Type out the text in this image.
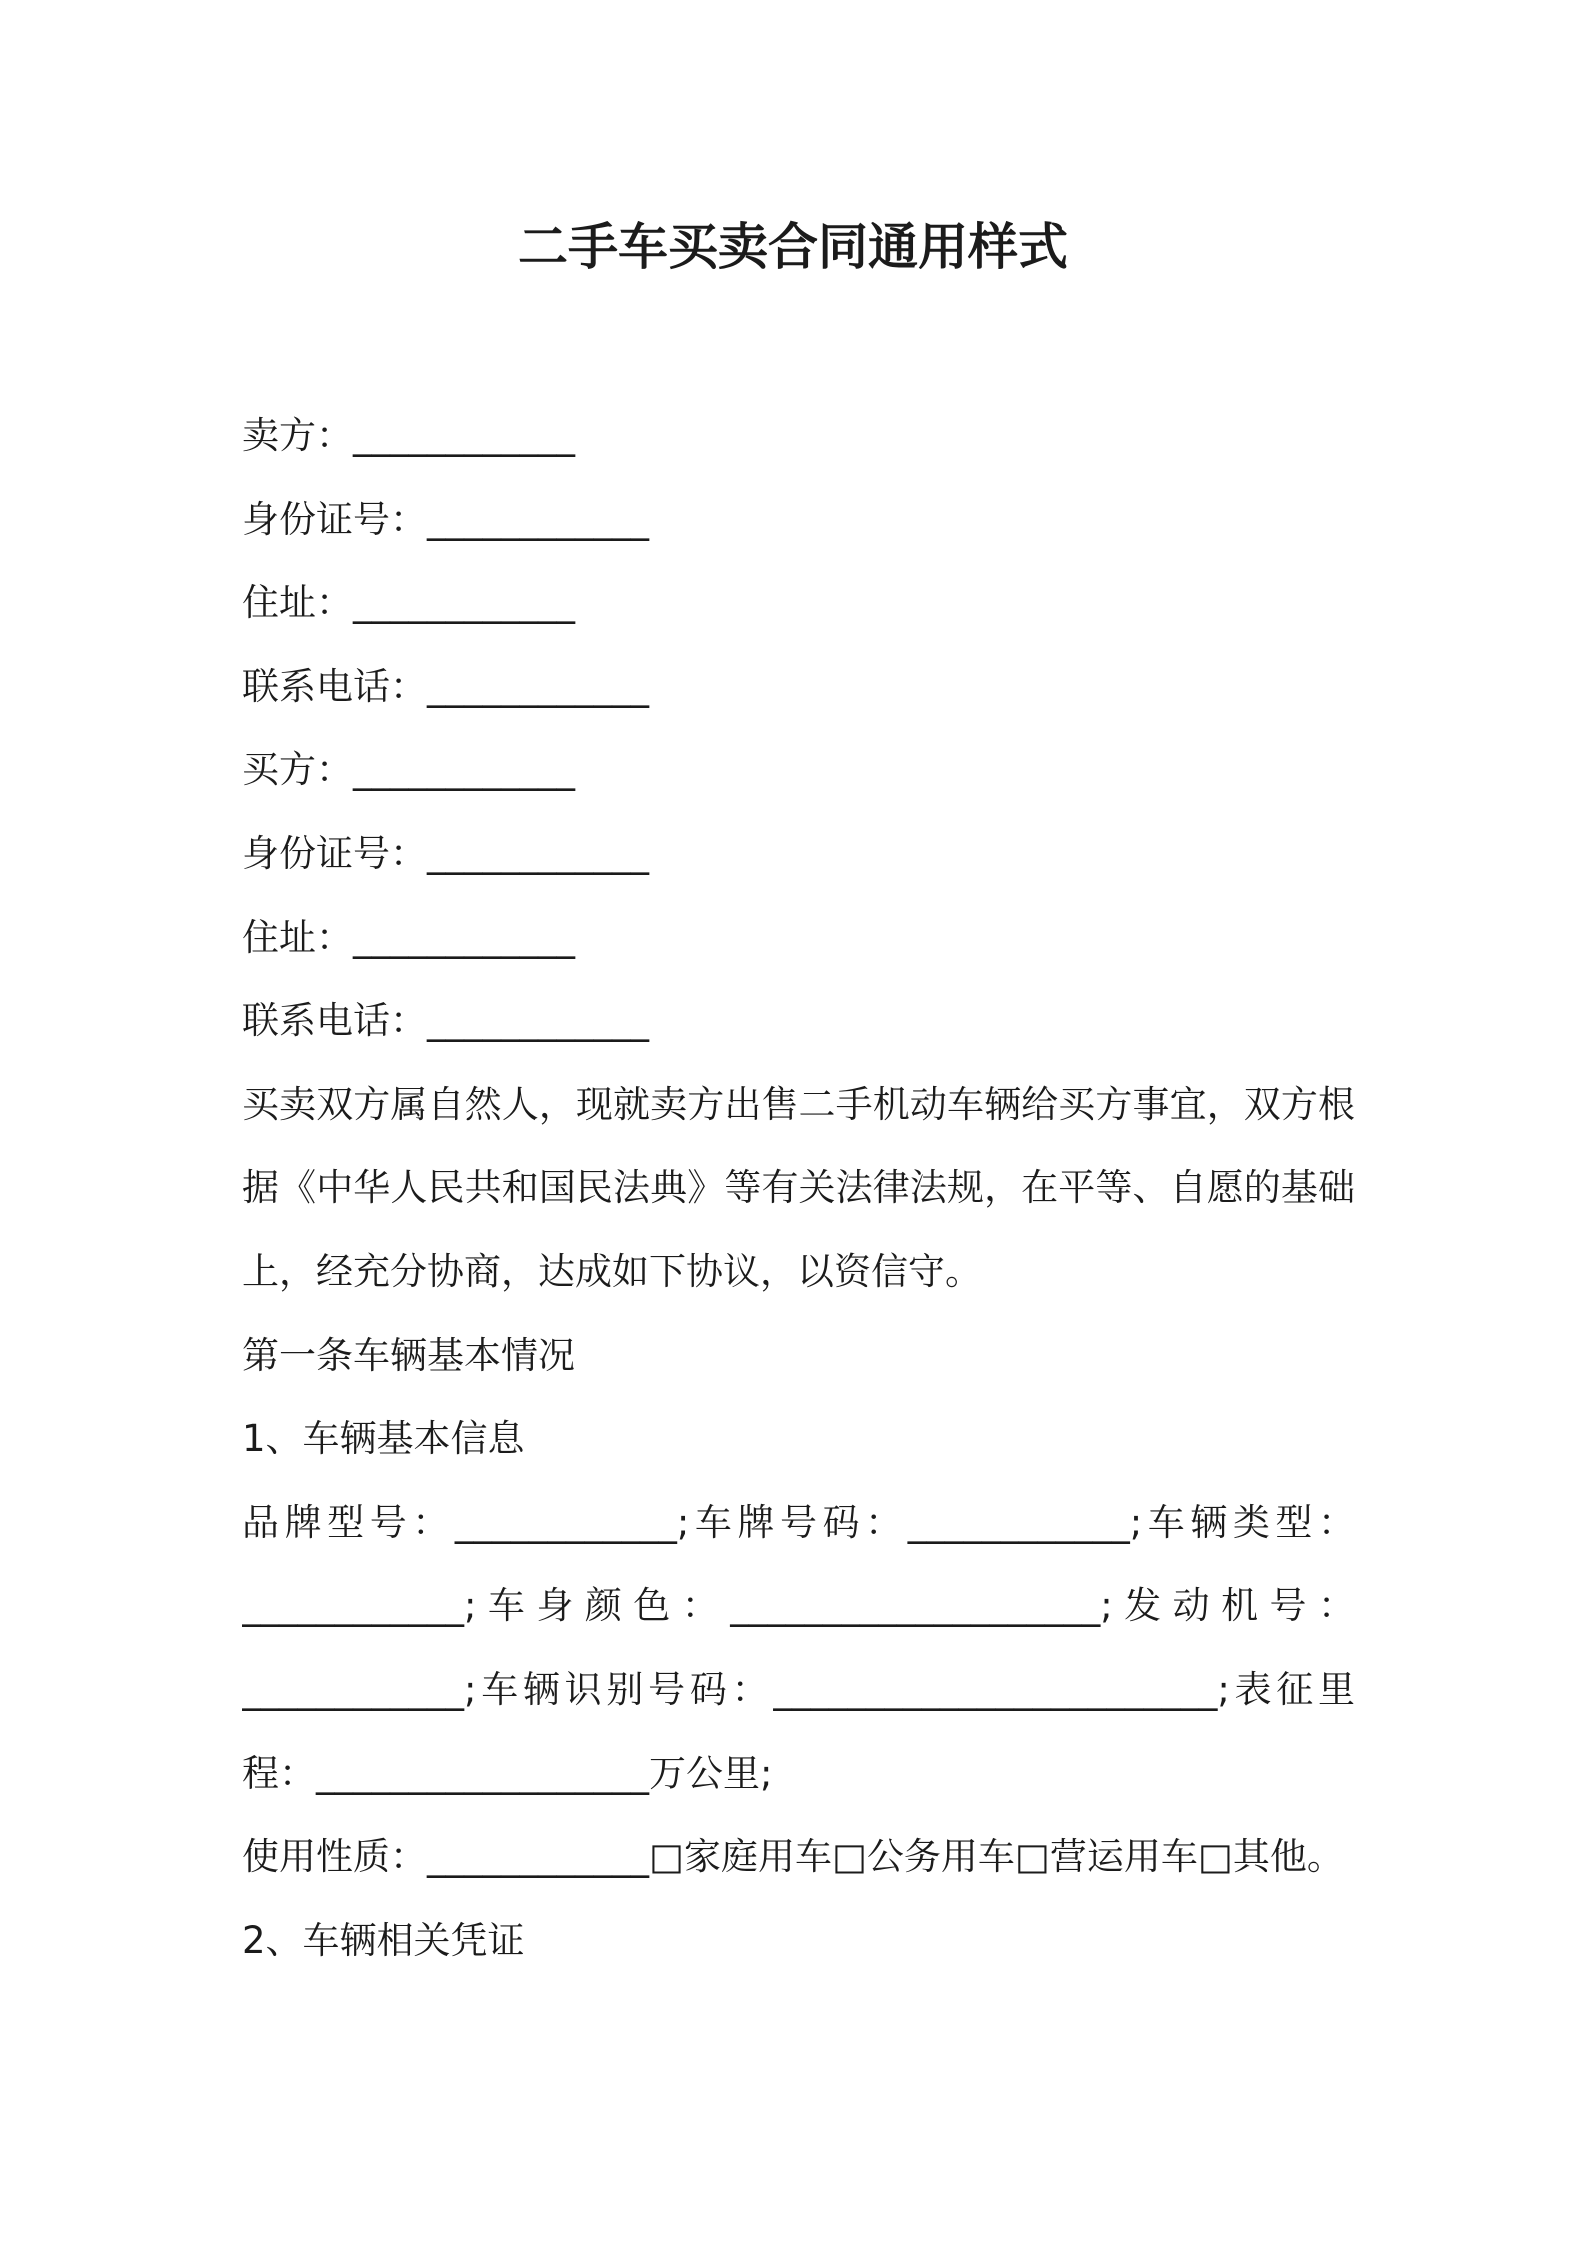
二手车买卖合同通用样式
卖方：____________
身份证号：____________
住址：____________
联系电话：____________
买方：____________
身份证号：____________
住址：____________
联系电话：____________
买卖双方属自然人，现就卖方出售二手机动车辆给买方事宜，双方根
据《中华人民共和国民法典》等有关法律法规，在平等、自愿的基础
上，经充分协商，达成如下协议，以资信守。
第一条车辆基本情况
1、车辆基本信息
品牌型号：____________;车牌号码：____________;车辆类型：
____________;车身颜色：____________________;发动机号：
____________;车辆识别号码：________________________;表征里
程：__________________万公里;
使用性质：____________□家庭用车□公务用车□营运用车□其他。
2、车辆相关凭证
